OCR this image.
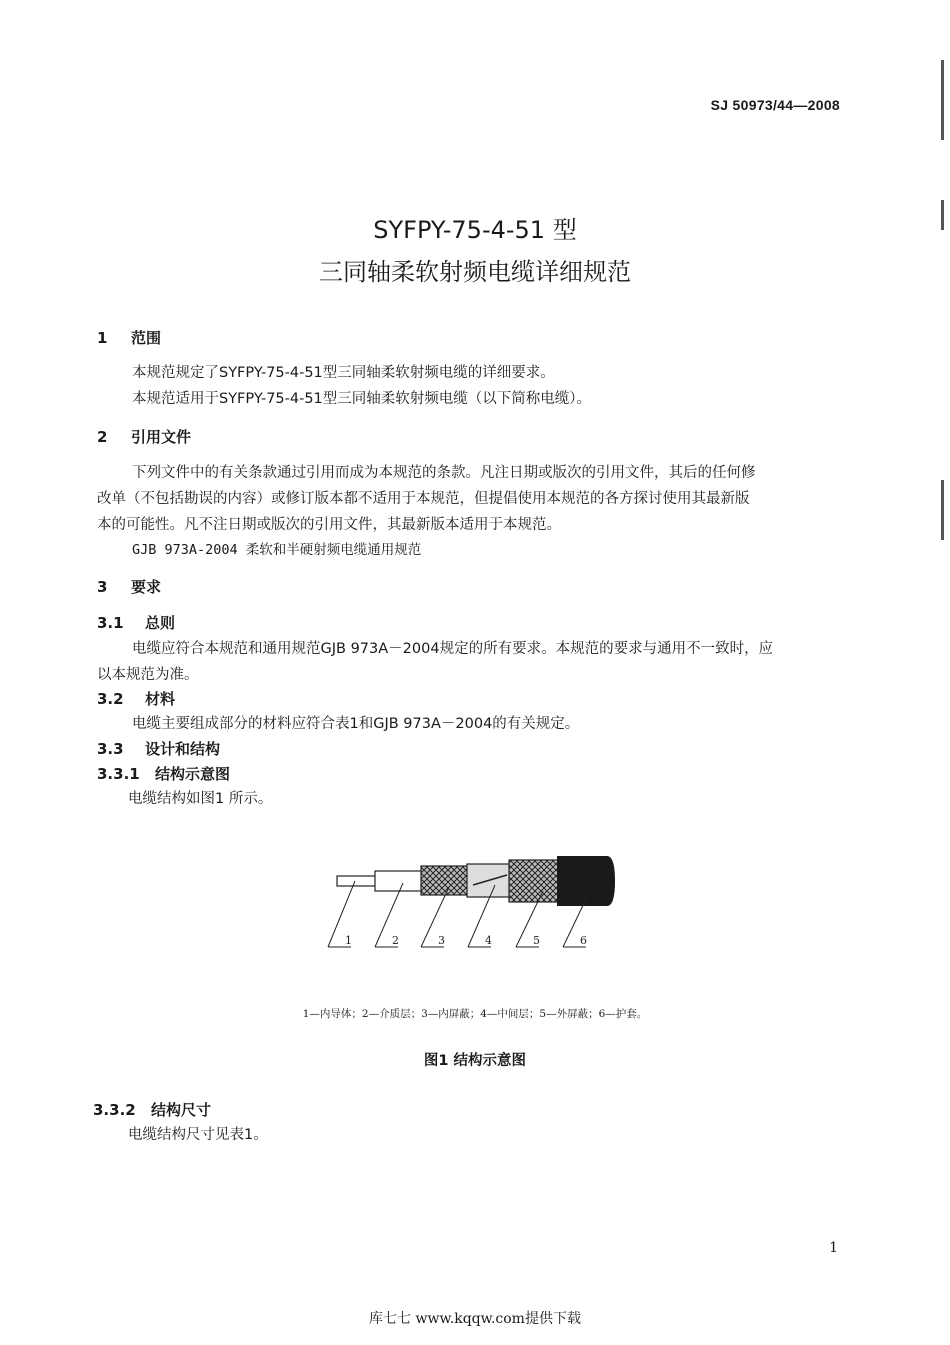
SJ 50973/44—2008
SYFPY-75-4-51 型
三同轴柔软射频电缆详细规范
1 范围
本规范规定了SYFPY-75-4-51型三同轴柔软射频电缆的详细要求。
本规范适用于SYFPY-75-4-51型三同轴柔软射频电缆（以下简称电缆）。
2 引用文件
下列文件中的有关条款通过引用而成为本规范的条款。凡注日期或版次的引用文件，其后的任何修
改单（不包括勘误的内容）或修订版本都不适用于本规范，但提倡使用本规范的各方探讨使用其最新版
本的可能性。凡不注日期或版次的引用文件，其最新版本适用于本规范。
GJB 973A-2004 柔软和半硬射频电缆通用规范
3 要求
3.1 总则
电缆应符合本规范和通用规范GJB 973A－2004规定的所有要求。本规范的要求与通用不一致时，应
以本规范为准。
3.2 材料
电缆主要组成部分的材料应符合表1和GJB 973A－2004的有关规定。
3.3 设计和结构
3.3.1 结构示意图
电缆结构如图1 所示。
1	2	3	4	5	6
1—内导体；2—介质层；3—内屏蔽；4—中间层；5—外屏蔽；6—护套。
图1 结构示意图
3.3.2 结构尺寸
电缆结构尺寸见表1。
1
库七七 www.kqqw.com提供下载
